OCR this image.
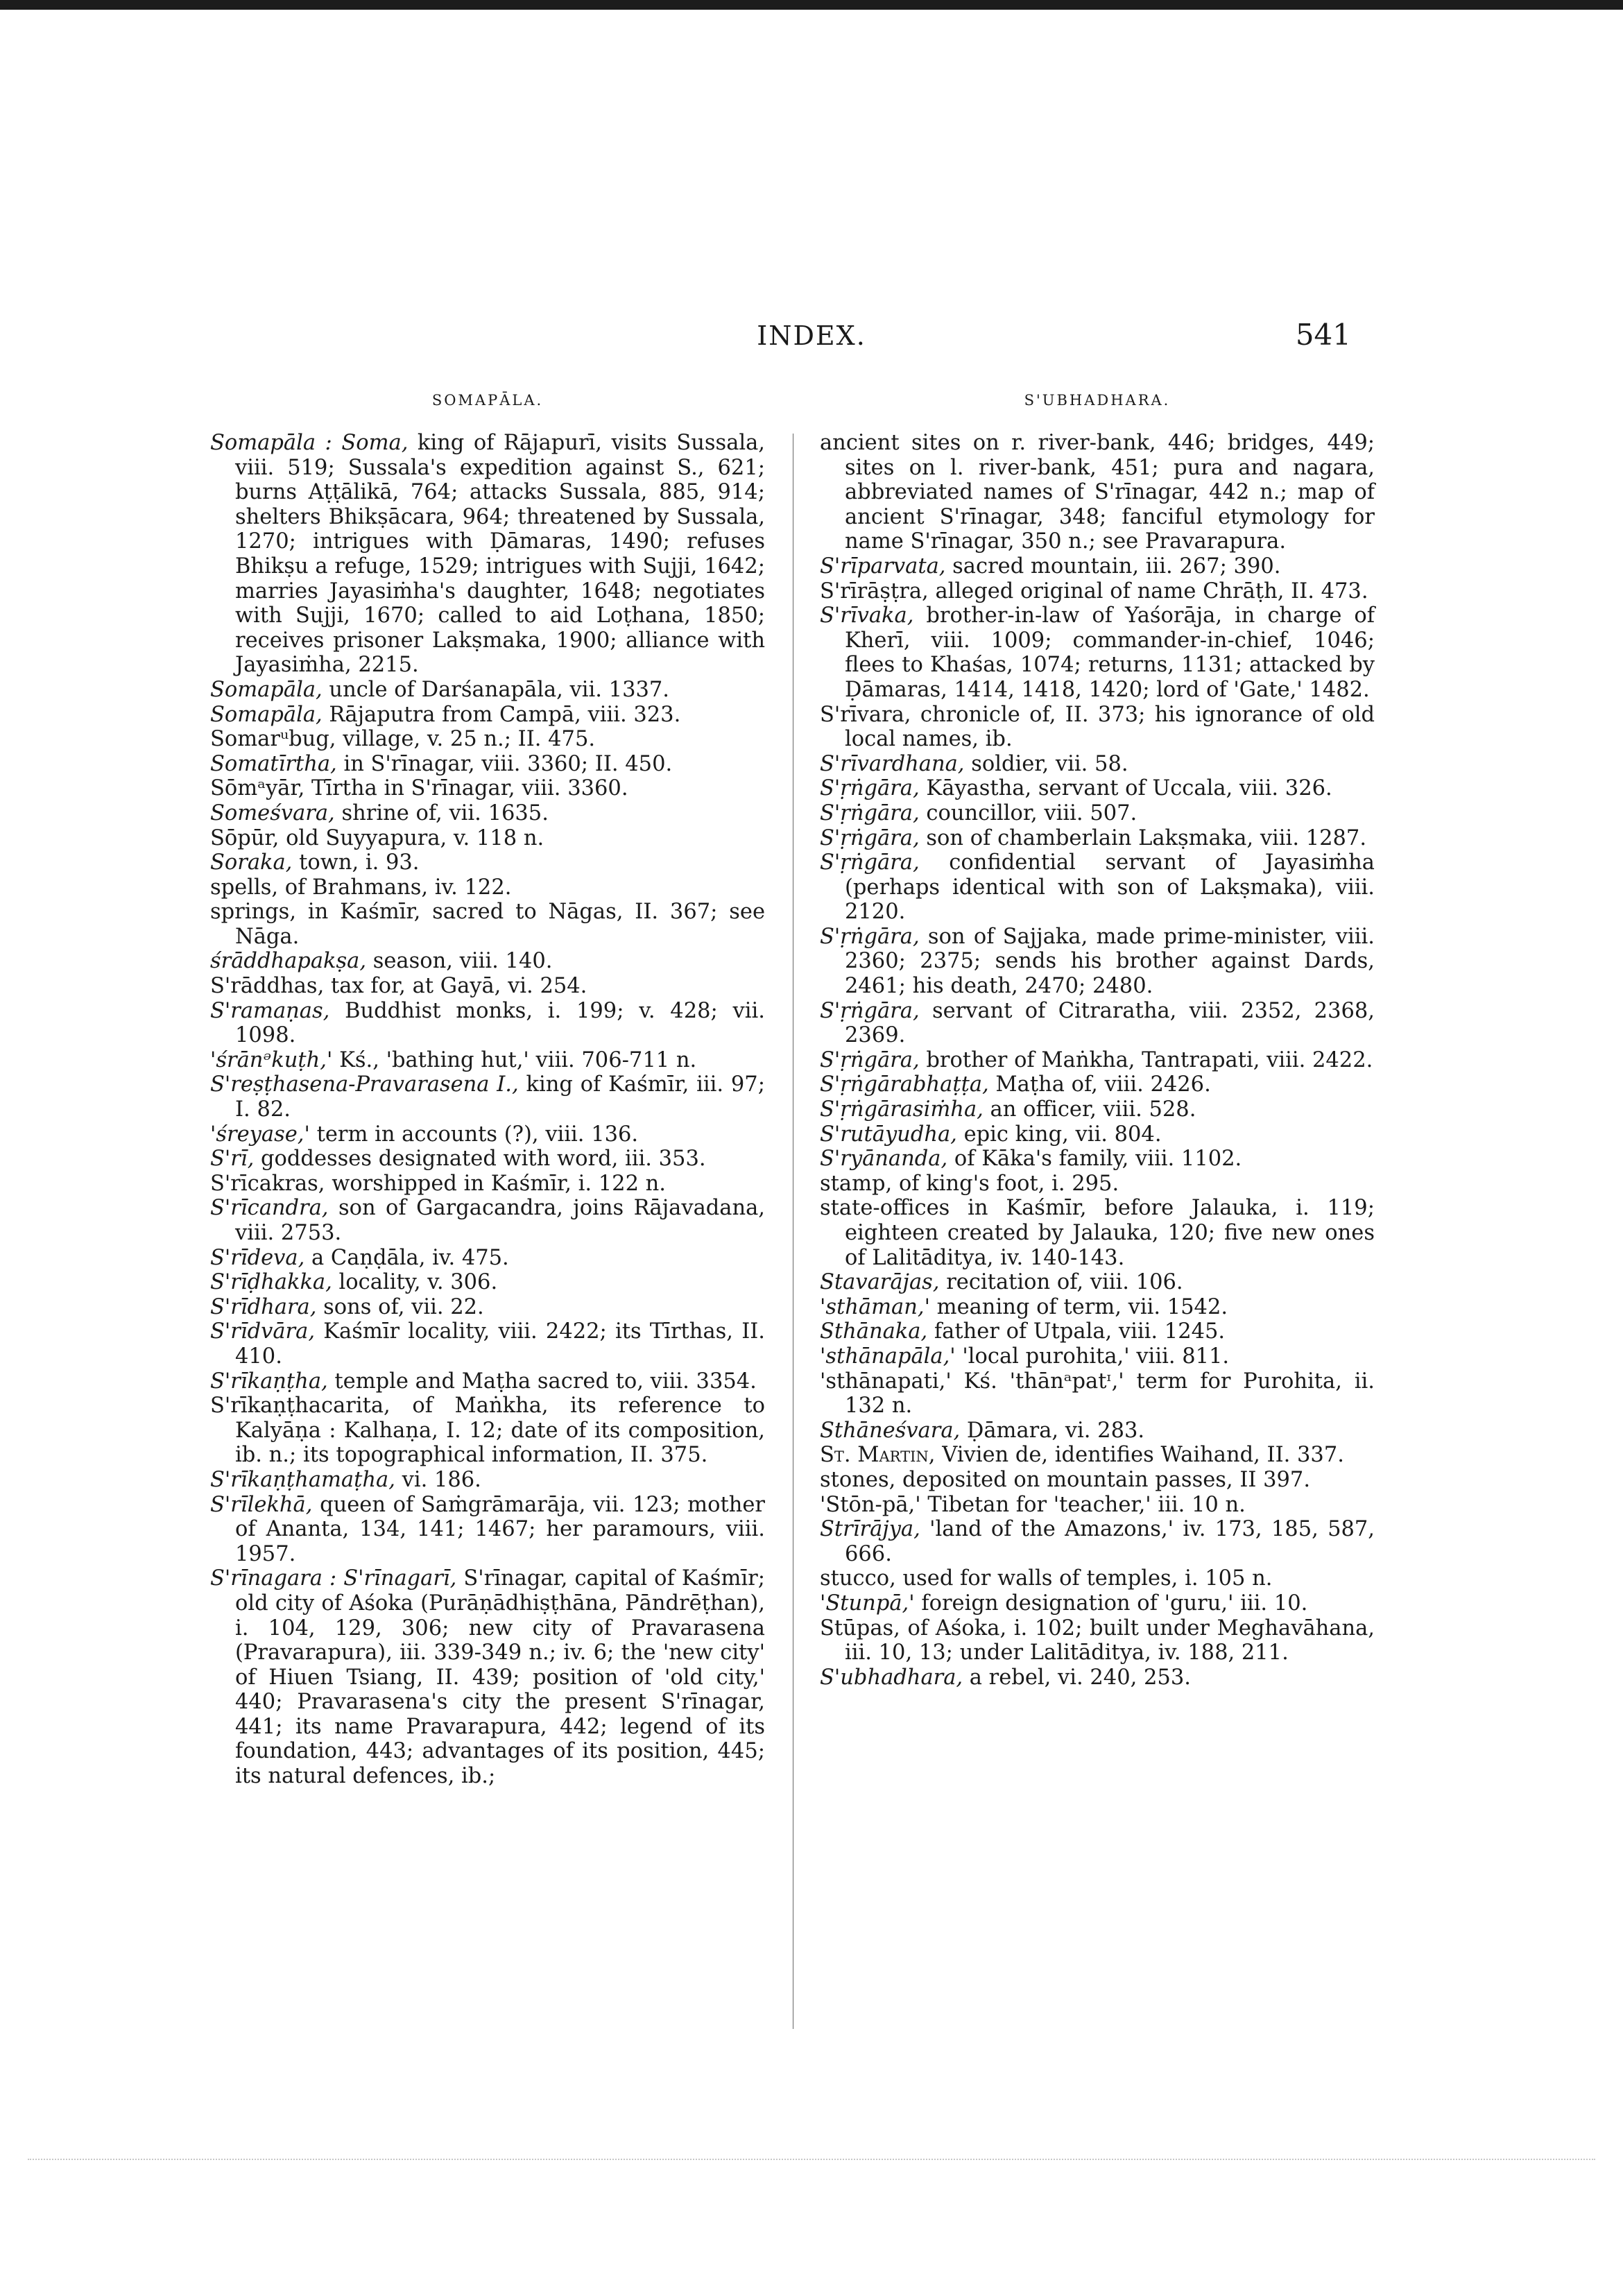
INDEX.	541
SOMAPĀLA.
Somapāla : Soma, king of Rājapurī, visits Sussala, viii. 519; Sussala's expedition against S., 621; burns Aṭṭālikā, 764; attacks Sussala, 885, 914; shelters Bhikṣācara, 964; threatened by Sussala, 1270; intrigues with Ḍāmaras, 1490; refuses Bhikṣu a refuge, 1529; intrigues with Sujji, 1642; marries Jayasiṁha's daughter, 1648; negotiates with Sujji, 1670; called to aid Loṭhana, 1850; receives prisoner Lakṣmaka, 1900; alliance with Jayasiṁha, 2215.
Somapāla, uncle of Darśanapāla, vii. 1337.
Somapāla, Rājaputra from Campā, viii. 323.
Somarᵘbug, village, v. 25 n.; II. 475.
Somatīrtha, in S'rīnagar, viii. 3360; II. 450.
Sōmᵃyār, Tīrtha in S'rīnagar, viii. 3360.
Someśvara, shrine of, vii. 1635.
Sōpūr, old Suyyapura, v. 118 n.
Soraka, town, i. 93.
spells, of Brahmans, iv. 122.
springs, in Kaśmīr, sacred to Nāgas, II. 367; see Nāga.
śrāddhapakṣa, season, viii. 140.
S'rāddhas, tax for, at Gayā, vi. 254.
S'ramaṇas, Buddhist monks, i. 199; v. 428; vii. 1098.
'śrānᵊkuṭh,' Kś., 'bathing hut,' viii. 706-711 n.
S'reṣṭhasena-Pravarasena I., king of Kaśmīr, iii. 97; I. 82.
'śreyase,' term in accounts (?), viii. 136.
S'rī, goddesses designated with word, iii. 353.
S'rīcakras, worshipped in Kaśmīr, i. 122 n.
S'rīcandra, son of Gargacandra, joins Rājavadana, viii. 2753.
S'rīdeva, a Caṇḍāla, iv. 475.
S'rīḍhakka, locality, v. 306.
S'rīdhara, sons of, vii. 22.
S'rīdvāra, Kaśmīr locality, viii. 2422; its Tīrthas, II. 410.
S'rīkaṇṭha, temple and Maṭha sacred to, viii. 3354.
S'rīkaṇṭhacarita, of Maṅkha, its reference to Kalyāṇa : Kalhaṇa, I. 12; date of its composition, ib. n.; its topographical information, II. 375.
S'rīkaṇṭhamaṭha, vi. 186.
S'rīlekhā, queen of Saṁgrāmarāja, vii. 123; mother of Ananta, 134, 141; 1467; her paramours, viii. 1957.
S'rīnagara : S'rīnagarī, S'rīnagar, capital of Kaśmīr; old city of Aśoka (Purāṇādhiṣṭhāna, Pāndrēṭhan), i. 104, 129, 306; new city of Pravarasena (Pravarapura), iii. 339-349 n.; iv. 6; the 'new city' of Hiuen Tsiang, II. 439; position of 'old city,' 440; Pravarasena's city the present S'rīnagar, 441; its name Pravarapura, 442; legend of its foundation, 443; advantages of its position, 445; its natural defences, ib.;
S'UBHADHARA.
ancient sites on r. river-bank, 446; bridges, 449; sites on l. river-bank, 451; pura and nagara, abbreviated names of S'rīnagar, 442 n.; map of ancient S'rīnagar, 348; fanciful etymology for name S'rīnagar, 350 n.; see Pravarapura.
S'rīparvata, sacred mountain, iii. 267; 390.
S'rīrāṣṭra, alleged original of name Chrāṭh, II. 473.
S'rīvaka, brother-in-law of Yaśorāja, in charge of Kherī, viii. 1009; commander-in-chief, 1046; flees to Khaśas, 1074; returns, 1131; attacked by Ḍāmaras, 1414, 1418, 1420; lord of 'Gate,' 1482.
S'rīvara, chronicle of, II. 373; his ignorance of old local names, ib.
S'rīvardhana, soldier, vii. 58.
S'ṛṅgāra, Kāyastha, servant of Uccala, viii. 326.
S'ṛṅgāra, councillor, viii. 507.
S'ṛṅgāra, son of chamberlain Lakṣmaka, viii. 1287.
S'ṛṅgāra, confidential servant of Jayasiṁha (perhaps identical with son of Lakṣmaka), viii. 2120.
S'ṛṅgāra, son of Sajjaka, made prime-minister, viii. 2360; 2375; sends his brother against Dards, 2461; his death, 2470; 2480.
S'ṛṅgāra, servant of Citraratha, viii. 2352, 2368, 2369.
S'ṛṅgāra, brother of Maṅkha, Tantrapati, viii. 2422.
S'ṛṅgārabhaṭṭa, Maṭha of, viii. 2426.
S'ṛṅgārasiṁha, an officer, viii. 528.
S'rutāyudha, epic king, vii. 804.
S'ryānanda, of Kāka's family, viii. 1102.
stamp, of king's foot, i. 295.
state-offices in Kaśmīr, before Jalauka, i. 119; eighteen created by Jalauka, 120; five new ones of Lalitāditya, iv. 140-143.
Stavarājas, recitation of, viii. 106.
'sthāman,' meaning of term, vii. 1542.
Sthānaka, father of Utpala, viii. 1245.
'sthānapāla,' 'local purohita,' viii. 811.
'sthānapati,' Kś. 'thānᵃpatᶦ,' term for Purohita, ii. 132 n.
Sthāneśvara, Ḍāmara, vi. 283.
St. Martin, Vivien de, identifies Waihand, II. 337.
stones, deposited on mountain passes, II 397.
'Stōn-pā,' Tibetan for 'teacher,' iii. 10 n.
Strīrājya, 'land of the Amazons,' iv. 173, 185, 587, 666.
stucco, used for walls of temples, i. 105 n.
'Stunpā,' foreign designation of 'guru,' iii. 10.
Stūpas, of Aśoka, i. 102; built under Meghavāhana, iii. 10, 13; under Lalitāditya, iv. 188, 211.
S'ubhadhara, a rebel, vi. 240, 253.
